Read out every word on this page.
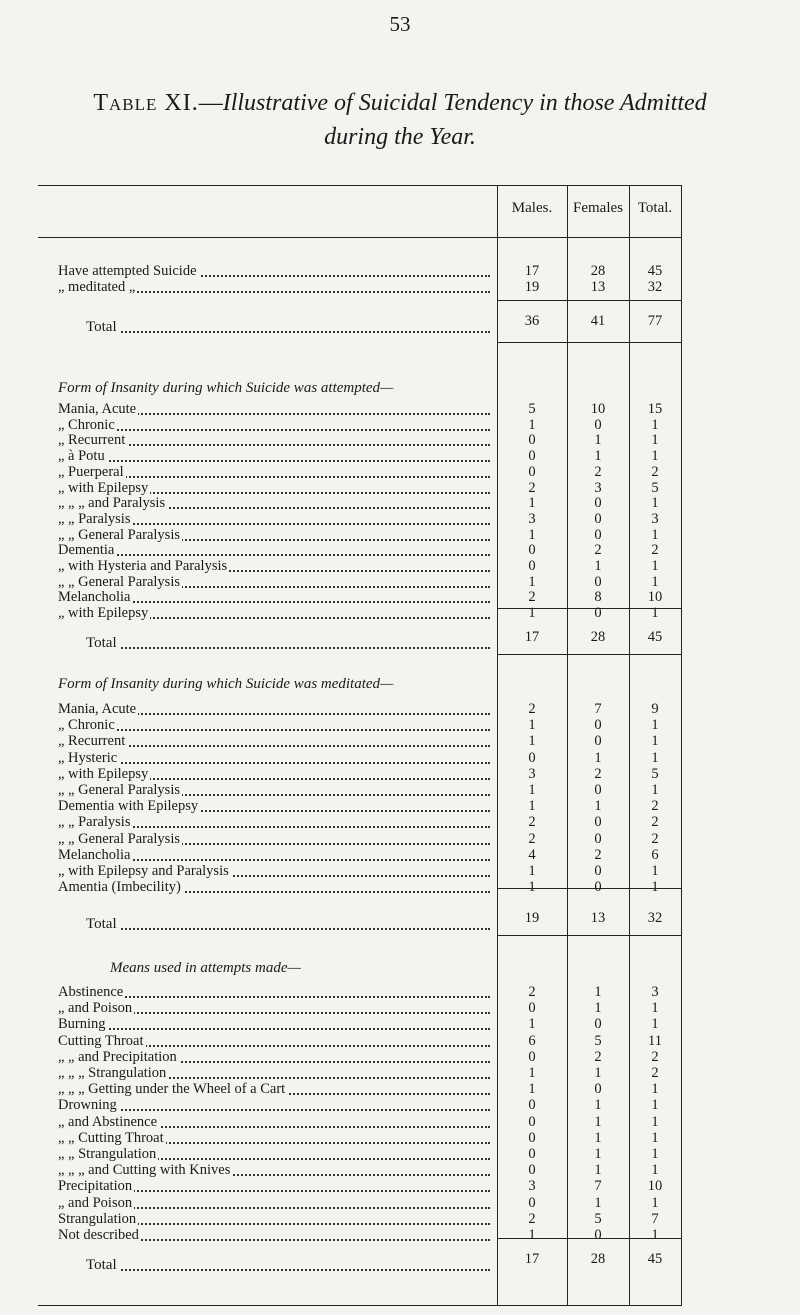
53
Table XI.—Illustrative of Suicidal Tendency in those Admitted
during the Year.
Males.	Females Total.
Have attempted Suicide	17	28	45
„ meditated „	19	13	32
Total	36	41	77
Form of Insanity during which Suicide was attempted—
Mania, Acute	5	10	15
„ Chronic	1	0	1
„ Recurrent	0	1	1
„ à Potu	0	1	1
„ Puerperal	0	2	2
„ with Epilepsy	2	3	5
„ „ „ and Paralysis	1	0	1
„ „ Paralysis	3	0	3
„ „ General Paralysis	1	0	1
Dementia	0	2	2
„ with Hysteria and Paralysis	0	1	1
„ „ General Paralysis	1	0	1
Melancholia	2	8	10
„ with Epilepsy	1	0	1
Total	17	28	45
Form of Insanity during which Suicide was meditated—
Mania, Acute	2	7	9
„ Chronic	1	0	1
„ Recurrent	1	0	1
„ Hysteric	0	1	1
„ with Epilepsy	3	2	5
„ „ General Paralysis	1	0	1
Dementia with Epilepsy	1	1	2
„ „ Paralysis	2	0	2
„ „ General Paralysis	2	0	2
Melancholia	4	2	6
„ with Epilepsy and Paralysis	1	0	1
Amentia (Imbecility)	1	0	1
Total	19	13	32
Means used in attempts made—
Abstinence	2	1	3
„ and Poison	0	1	1
Burning	1	0	1
Cutting Throat	6	5	11
„ „ and Precipitation	0	2	2
„ „ „ Strangulation	1	1	2
„ „ „ Getting under the Wheel of a Cart	1	0	1
Drowning	0	1	1
„ and Abstinence	0	1	1
„ „ Cutting Throat	0	1	1
„ „ Strangulation	0	1	1
„ „ „ and Cutting with Knives	0	1	1
Precipitation	3	7	10
„ and Poison	0	1	1
Strangulation	2	5	7
Not described	1	0	1
Total	17	28	45
